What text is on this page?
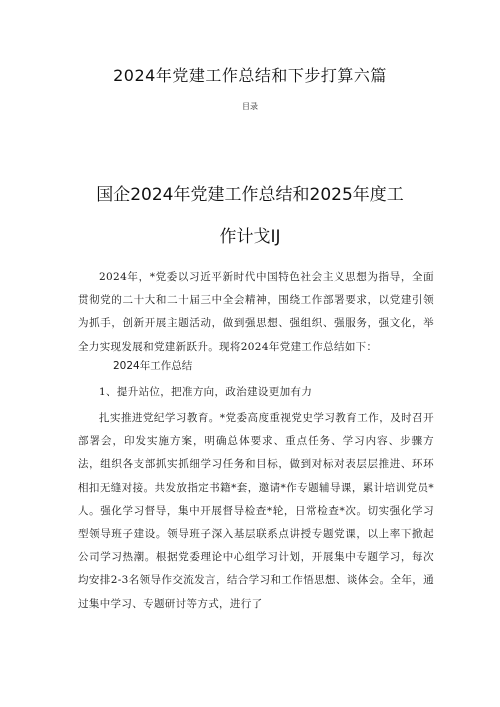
2024年党建工作总结和下步打算六篇
目录
国企2024年党建工作总结和2025年度工
作计戈IJ
2024年，*党委以习近平新时代中国特色社会主义思想为指导，全面贯彻党的二十大和二十届三中全会精神，围绕工作部署要求，以党建引领为抓手，创新开展主题活动，做到强思想、强组织、强服务，强文化，举全力实现发展和党建新跃升。现将2024年党建工作总结如下：
2024年工作总结
1、提升站位，把准方向，政治建设更加有力
扎实推进党纪学习教育。*党委高度重视党史学习教育工作，及时召开部署会，印发实施方案，明确总体要求、重点任务、学习内容、步骤方法，组织各支部抓实抓细学习任务和目标，做到对标对表层层推进、环环相扣无缝对接。共发放指定书籍*套，邀请*作专题辅导课，累计培训党员*人。强化学习督导，集中开展督导检查*轮，日常检查*次。切实强化学习型领导班子建设。领导班子深入基层联系点讲授专题党课，以上率下掀起公司学习热潮。根据党委理论中心组学习计划，开展集中专题学习，每次均安排2-3名领导作交流发言，结合学习和工作悟思想、谈体会。全年，通过集中学习、专题研讨等方式，进行了
